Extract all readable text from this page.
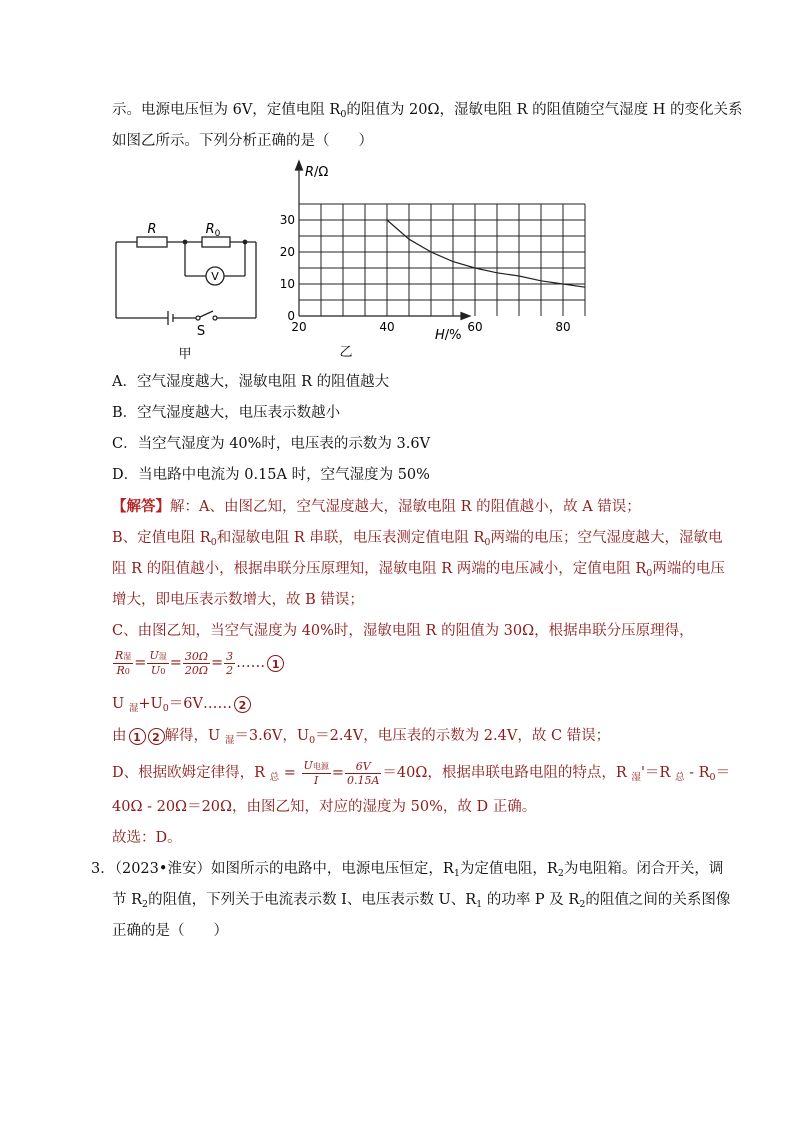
示。电源电压恒为 6V，定值电阻 $R_0$的阻值为 20Ω，湿敏电阻 R 的阻值随空气湿度 H 的变化关系
如图乙所示。下列分析正确的是（　　）
R	$R_0$
V
S
甲
R/Ω
H/%
30
20
10
0
20	40	60	80
乙
A．空气湿度越大，湿敏电阻 R 的阻值越大
B．空气湿度越大，电压表示数越小
C．当空气湿度为 40%时，电压表的示数为 3.6V
D．当电路中电流为 0.15A 时，空气湿度为 50%
【解答】解：A、由图乙知，空气湿度越大，湿敏电阻 R 的阻值越小，故 A 错误；
B、定值电阻 $R_0$和湿敏电阻 R 串联，电压表测定值电阻 $R_0$两端的电压；空气湿度越大，湿敏电
阻 R 的阻值越小，根据串联分压原理知，湿敏电阻 R 两端的电压减小，定值电阻 $R_0$两端的电压
增大，即电压表示数增大，故 B 错误；
C、由图乙知，当空气湿度为 40%时，湿敏电阻 R 的阻值为 30Ω，根据串联分压原理得，
$\frac{\text{R湿}}{R0} = \frac{\text{U湿}}{U0} = \frac{30\Omega}{20\Omega} = \frac{3}{2}$ …… 1
U $_湿+U_0=6V\dots\dots$ 2
由 1 2 解得，U $_湿$＝3.6V，$U_0=2.4V$，电压表的示数为 2.4V，故 C 错误；
D、根据欧姆定律得，R $_总 = \frac{\text{U电源}}{I} = \frac{6V}{0.15A} =40\Omega$，根据串联电路电阻的特点，R $_湿$'＝R $_总 - R_0=$
40Ω - 20Ω＝20Ω，由图乙知，对应的湿度为 50%，故 D 正确。
故选：D。
3．（2023•淮安）如图所示的电路中，电源电压恒定，$R_1$为定值电阻，$R_2$为电阻箱。闭合开关，调
节 $R_2$的阻值，下列关于电流表示数 I、电压表示数 U、$R_1$ 的功率 P 及 $R_2$的阻值之间的关系图像
正确的是（　　）
